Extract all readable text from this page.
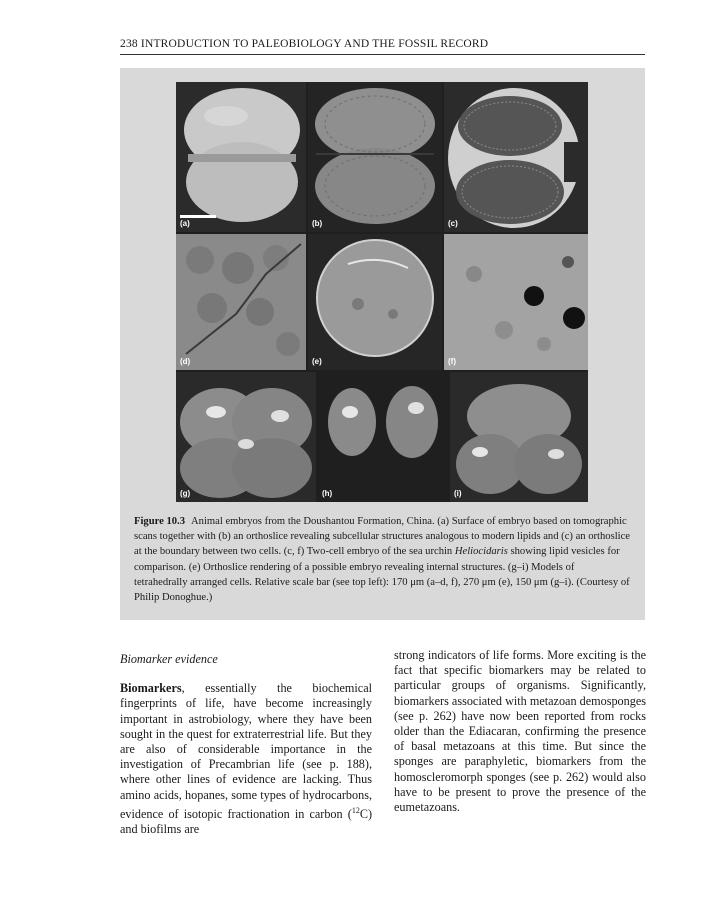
238 INTRODUCTION TO PALEOBIOLOGY AND THE FOSSIL RECORD
(a)	(b)	(c)
(d)	(e)	(f)
(g)	(h)	(i)
Figure 10.3 Animal embryos from the Doushantou Formation, China. (a) Surface of embryo based on tomographic scans together with (b) an orthoslice revealing subcellular structures analogous to modern lipids and (c) an orthoslice at the boundary between two cells. (c, f) Two-cell embryo of the sea urchin Heliocidaris showing lipid vesicles for comparison. (e) Orthoslice rendering of a possible embryo revealing internal structures. (g–i) Models of tetrahedrally arranged cells. Relative scale bar (see top left): 170 μm (a–d, f), 270 μm (e), 150 μm (g–i). (Courtesy of Philip Donoghue.)
Biomarker evidence

Biomarkers, essentially the biochemical fingerprints of life, have become increasingly important in astrobiology, where they have been sought in the quest for extraterrestrial life. But they are also of considerable importance in the investigation of Precambrian life (see p. 188), where other lines of evidence are lacking. Thus amino acids, hopanes, some types of hydrocarbons, evidence of isotopic fractionation in carbon ($^{12}$C) and biofilms are

strong indicators of life forms. More exciting is the fact that specific biomarkers may be related to particular groups of organisms. Significantly, biomarkers associated with metazoan demosponges (see p. 262) have now been reported from rocks older than the Ediacaran, confirming the presence of basal metazoans at this time. But since the sponges are paraphyletic, biomarkers from the homoscleromorph sponges (see p. 262) would also have to be present to prove the presence of the eumetazoans.
